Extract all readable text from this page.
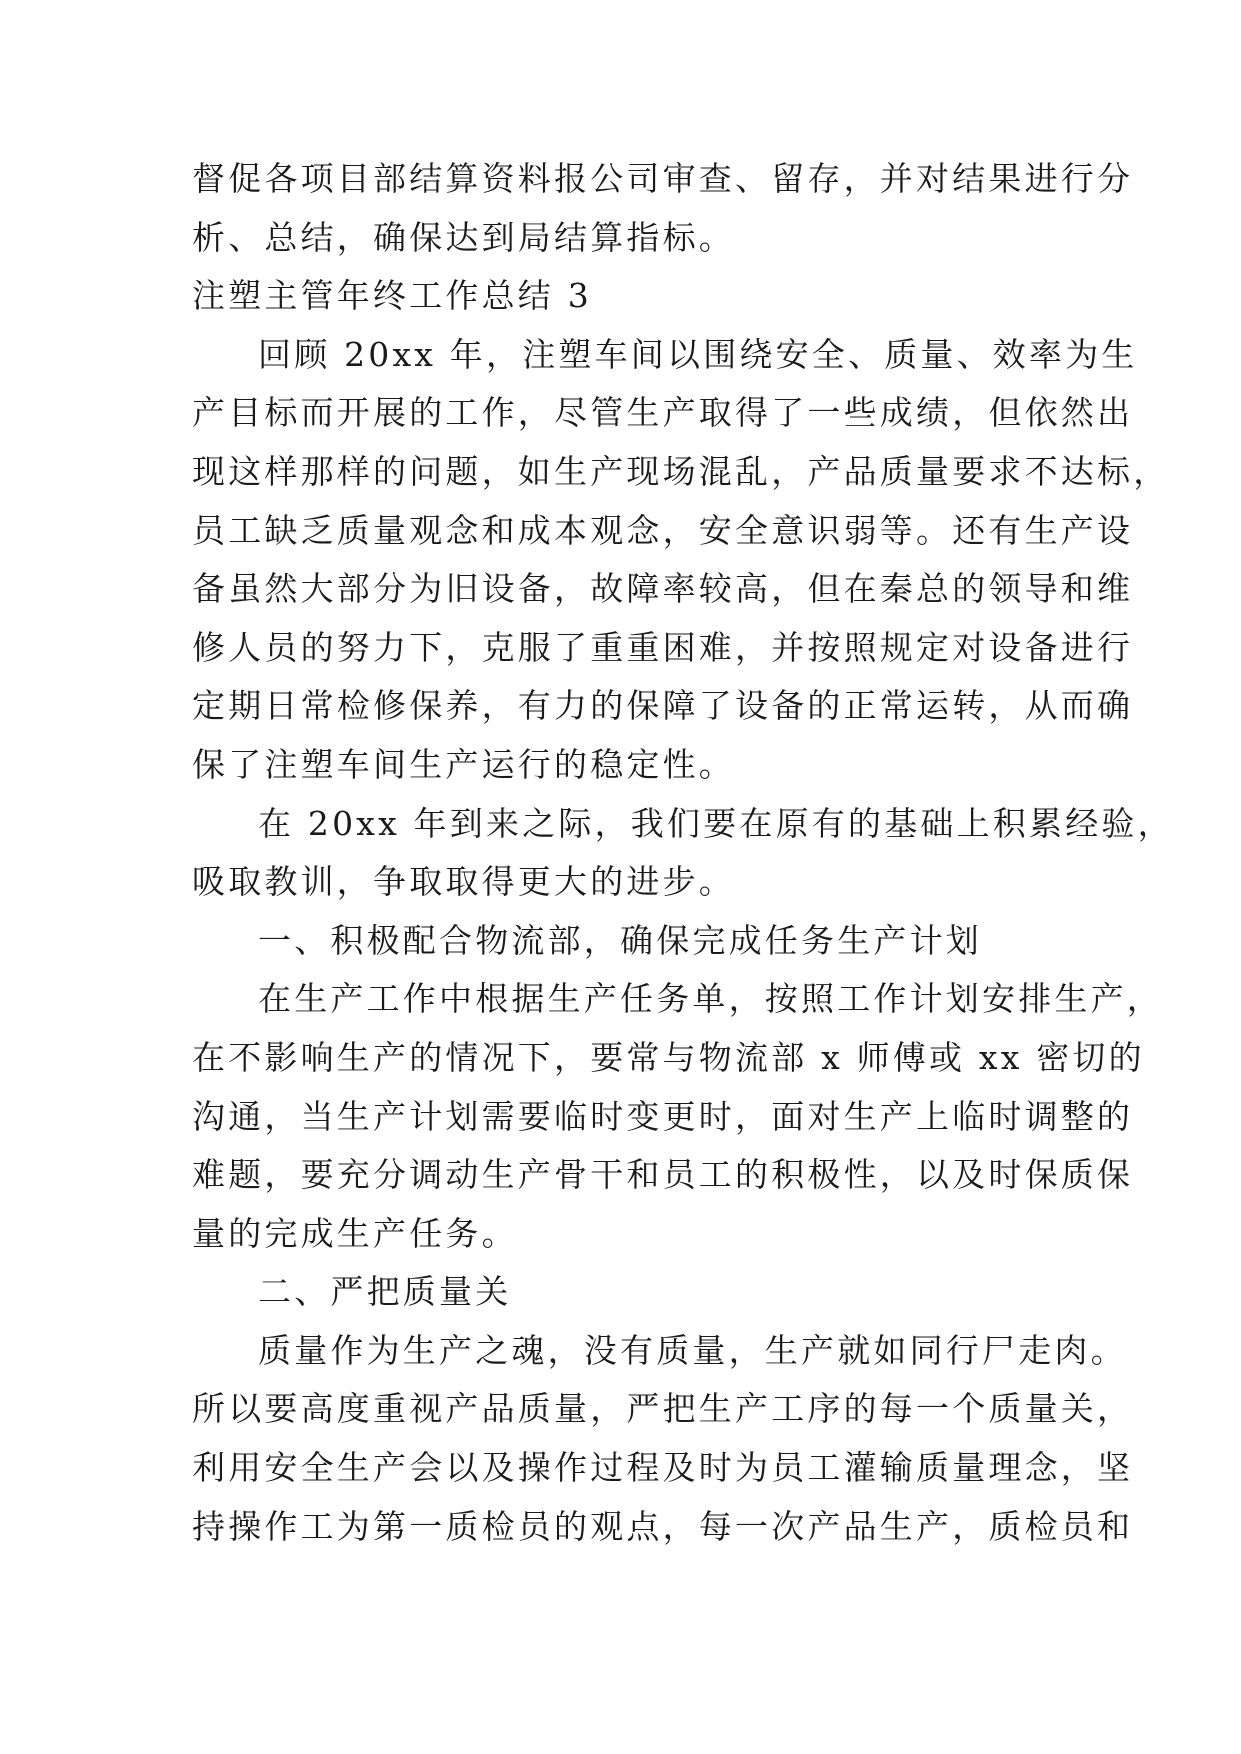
督促各项目部结算资料报公司审查、留存，并对结果进行分
析、总结，确保达到局结算指标。
注塑主管年终工作总结 3
回顾 20xx 年，注塑车间以围绕安全、质量、效率为生
产目标而开展的工作，尽管生产取得了一些成绩，但依然出
现这样那样的问题，如生产现场混乱，产品质量要求不达标，
员工缺乏质量观念和成本观念，安全意识弱等。还有生产设
备虽然大部分为旧设备，故障率较高，但在秦总的领导和维
修人员的努力下，克服了重重困难，并按照规定对设备进行
定期日常检修保养，有力的保障了设备的正常运转，从而确
保了注塑车间生产运行的稳定性。
在 20xx 年到来之际，我们要在原有的基础上积累经验，
吸取教训，争取取得更大的进步。
一、积极配合物流部，确保完成任务生产计划
在生产工作中根据生产任务单，按照工作计划安排生产，
在不影响生产的情况下，要常与物流部 x 师傅或 xx 密切的
沟通，当生产计划需要临时变更时，面对生产上临时调整的
难题，要充分调动生产骨干和员工的积极性，以及时保质保
量的完成生产任务。
二、严把质量关
质量作为生产之魂，没有质量，生产就如同行尸走肉。
所以要高度重视产品质量，严把生产工序的每一个质量关，
利用安全生产会以及操作过程及时为员工灌输质量理念，坚
持操作工为第一质检员的观点，每一次产品生产，质检员和
